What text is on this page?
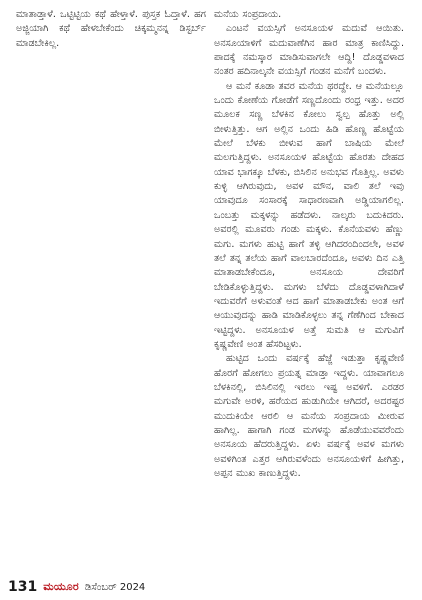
ಮಾತಾಡ್ತಾಳೆ. ಒಟ್ಟಿಟ್ಟಿಯ ಕಥೆ ಹೇಳ್ತಾಳೆ. ಪುಸ್ತಕ ಓದ್ತಾಳೆ. ಹಗ ಅಜ್ಜಿಯಾಗಿ ಕಥೆ ಹೇಳಬೇಕೆಂದು ಚಿಕ್ಕಮ್ಮನನ್ನ ಡಿಸ್ಟರ್ಬ್ ಮಾಡಬೇಕಿಲ್ಲ.

ಮನೆಯ ಸಂಪ್ರದಾಯ.

ಎಂಟನೆ ವಯಸ್ಸಿಗೆ ಅನಸೂಯಳ ಮದುವೆ ಆಯಿತು. ಅನಸೂಯಾಳಿಗೆ ಮದುವಾಣೆಗಿನ ಹಾರ ಮಾತ್ರ ಕಾಣಿಸಿದ್ದು. ಪಾದಕ್ಕೆ ನಮಸ್ಕಾರ ಮಾಡಿಸುವಾಗಲೇ ಆದ್ದಿ! ದೊಡ್ಡವಳಾದ ನಂತರ ಹದಿನಾಲ್ಕನೇ ವಯಸ್ಸಿಗೆ ಗಂಡನ ಮನೆಗೆ ಬಂದಳು.

ಆ ಮನೆ ಕೂಡಾ ತವರ ಮನೆಯ ಥರದ್ದೇ. ಆ ಮನೆಯಲ್ಲೂ ಒಂದು ಕೋಣೆಯ ಗೋಡೆಗೆ ಸಣ್ಣದೊಂದು ರಂಧ್ರ ಇತ್ತು. ಅದರ ಮೂಲಕ ಸಣ್ಣ ಬೆಳಕಿನ ಕೋಲು ಸ್ವಲ್ಪ ಹೊತ್ತು ಅಲ್ಲಿ ಬೀಳುತ್ತಿತ್ತು. ಆಗ ಅಲ್ಲಿನ ಒಂದು ಹಿಡಿ ಹೊಣ್ಣ ಹೊಟ್ಟೆಯ ಮೇಲೆ ಬೆಳಕು ಬೀಳುವ ಹಾಗೆ ಬಾಷಿಯ ಮೇಲೆ ಮಲಗುತ್ತಿದ್ದಳು. ಅನಸೂಯಳ ಹೊಟ್ಟೆಯ ಹೊರತು ದೇಹದ ಯಾವ ಭಾಗಕ್ಕೂ ಬೆಳಕು, ಬಿಸಿಲಿನ ಅನುಭವ ಗೊತ್ತಿಲ್ಲ. ಅವಳು ಕುಳ್ಳಿ ಆಗಿರುವುದು, ಅವಳ ಮೌನ, ವಾಲಿ ತಲೆ ಇವು ಯಾವುದೂ ಸಂಸಾರಕ್ಕೆ ಸಾಧಾರಣವಾಗಿ ಅಡ್ಡಿಯಾಗಲಿಲ್ಲ. ಒಂಬತ್ತು ಮಕ್ಕಳನ್ನು ಹಡೆದಳು. ನಾಲ್ಕರು ಬದುಕಿದರು. ಅವರಲ್ಲಿ ಮೂವರು ಗಂಡು ಮಕ್ಕಳು. ಕೊನೆಯವಳು ಹೆಣ್ಣು ಮಗು. ಮಗಳು ಹುಟ್ಟಿ ಹಾಗೆ ತಳ್ಳಿ ಆಗಿದರಂದಿಂದಲೇ, ಅವಳ ತಲೆ ತನ್ನ ತಲೆಯ ಹಾಗೆ ವಾಲಬಾರದೆಂದೂ, ಅವಳು ದಿನ ಎತ್ತಿ ಮಾತಾಡಬೇಕೆಂದೂ, ಅನಸೂಯ ದೇವರಿಗೆ ಬೇಡಿಕೊಳ್ಳುತ್ತಿದ್ದಳು. ಮಗಳು ಬೆಳೆದು ದೊಡ್ಡವಳಾಗಿದಾಳೆ ಇದುವರೆಗೆ ಅಳುವಂತೆ ಆದ ಹಾಗೆ ಮಾತಾಡಬೇಕು ಅಂತ ಆಗೆ ಆಯುವುದನ್ನು ಹಾಡಿ ಮಾಡಿಕೊಳ್ಳಲು ತನ್ನ ಗೆಣೆಗಿಂದ ಬೇಕಾದ ಇಟ್ಟಿದ್ದಳು. ಅನಸೂಯಳ ಅತ್ತೆ ಸುಮತಿ ಆ ಮಗುವಿಗೆ ಕೃಷ್ಣವೇಣಿ ಅಂತ ಹೆಸರಿಟ್ಟಳು.

ಹುಟ್ಟಿದ ಒಂದು ವರ್ಷಕ್ಕೆ ಹೆಜ್ಜೆ ಇಡುತ್ತಾ ಕೃಷ್ಣವೇಣಿ ಹೊರಗೆ ಹೋಗಲು ಪ್ರಯತ್ನ ಮಾಡ್ತಾ ಇದ್ದಳು. ಯಾವಾಗಲೂ ಬೆಳಕಿನಲ್ಲಿ, ಬಿಸಿಲಿನಲ್ಲಿ ಇರಲು ಇಷ್ಟ ಅವಳಿಗೆ. ಎರಡರ ಮಗುವೇ ಅರಳಿ, ಹರೆಯದ ಹುಡುಗಿಯೇ ಆಗಿದರೆ, ಅದರಷ್ಟರ ಮುದುಕಿಯೇ ಆರಲಿ ಆ ಮನೆಯ ಸಂಪ್ರದಾಯ ಮೀರುವ ಹಾಗಿಲ್ಲ. ಹಾಗಾಗಿ ಗಂಡ ಮಗಳನ್ನು ಹೊಡೆಯುವವರೆಂದು ಅನಸೂಯ ಹೆದರುತ್ತಿದ್ದಳು. ಏಳು ವರ್ಷಕ್ಕೆ ಅವಳ ಮಗಳು ಅವಳಿಗಿಂತ ಎತ್ತರ ಆಗಿರುವಳೆಂದು ಅನಸೂಯಳಿಗೆ ಹೀಗಿತ್ತು, ಅಪ್ಪನ ಮುಖ ಕಾಣುತ್ತಿದ್ದಳು.

131 ಮಯೂರ ಡಿಸೆಂಬರ್ 2024
